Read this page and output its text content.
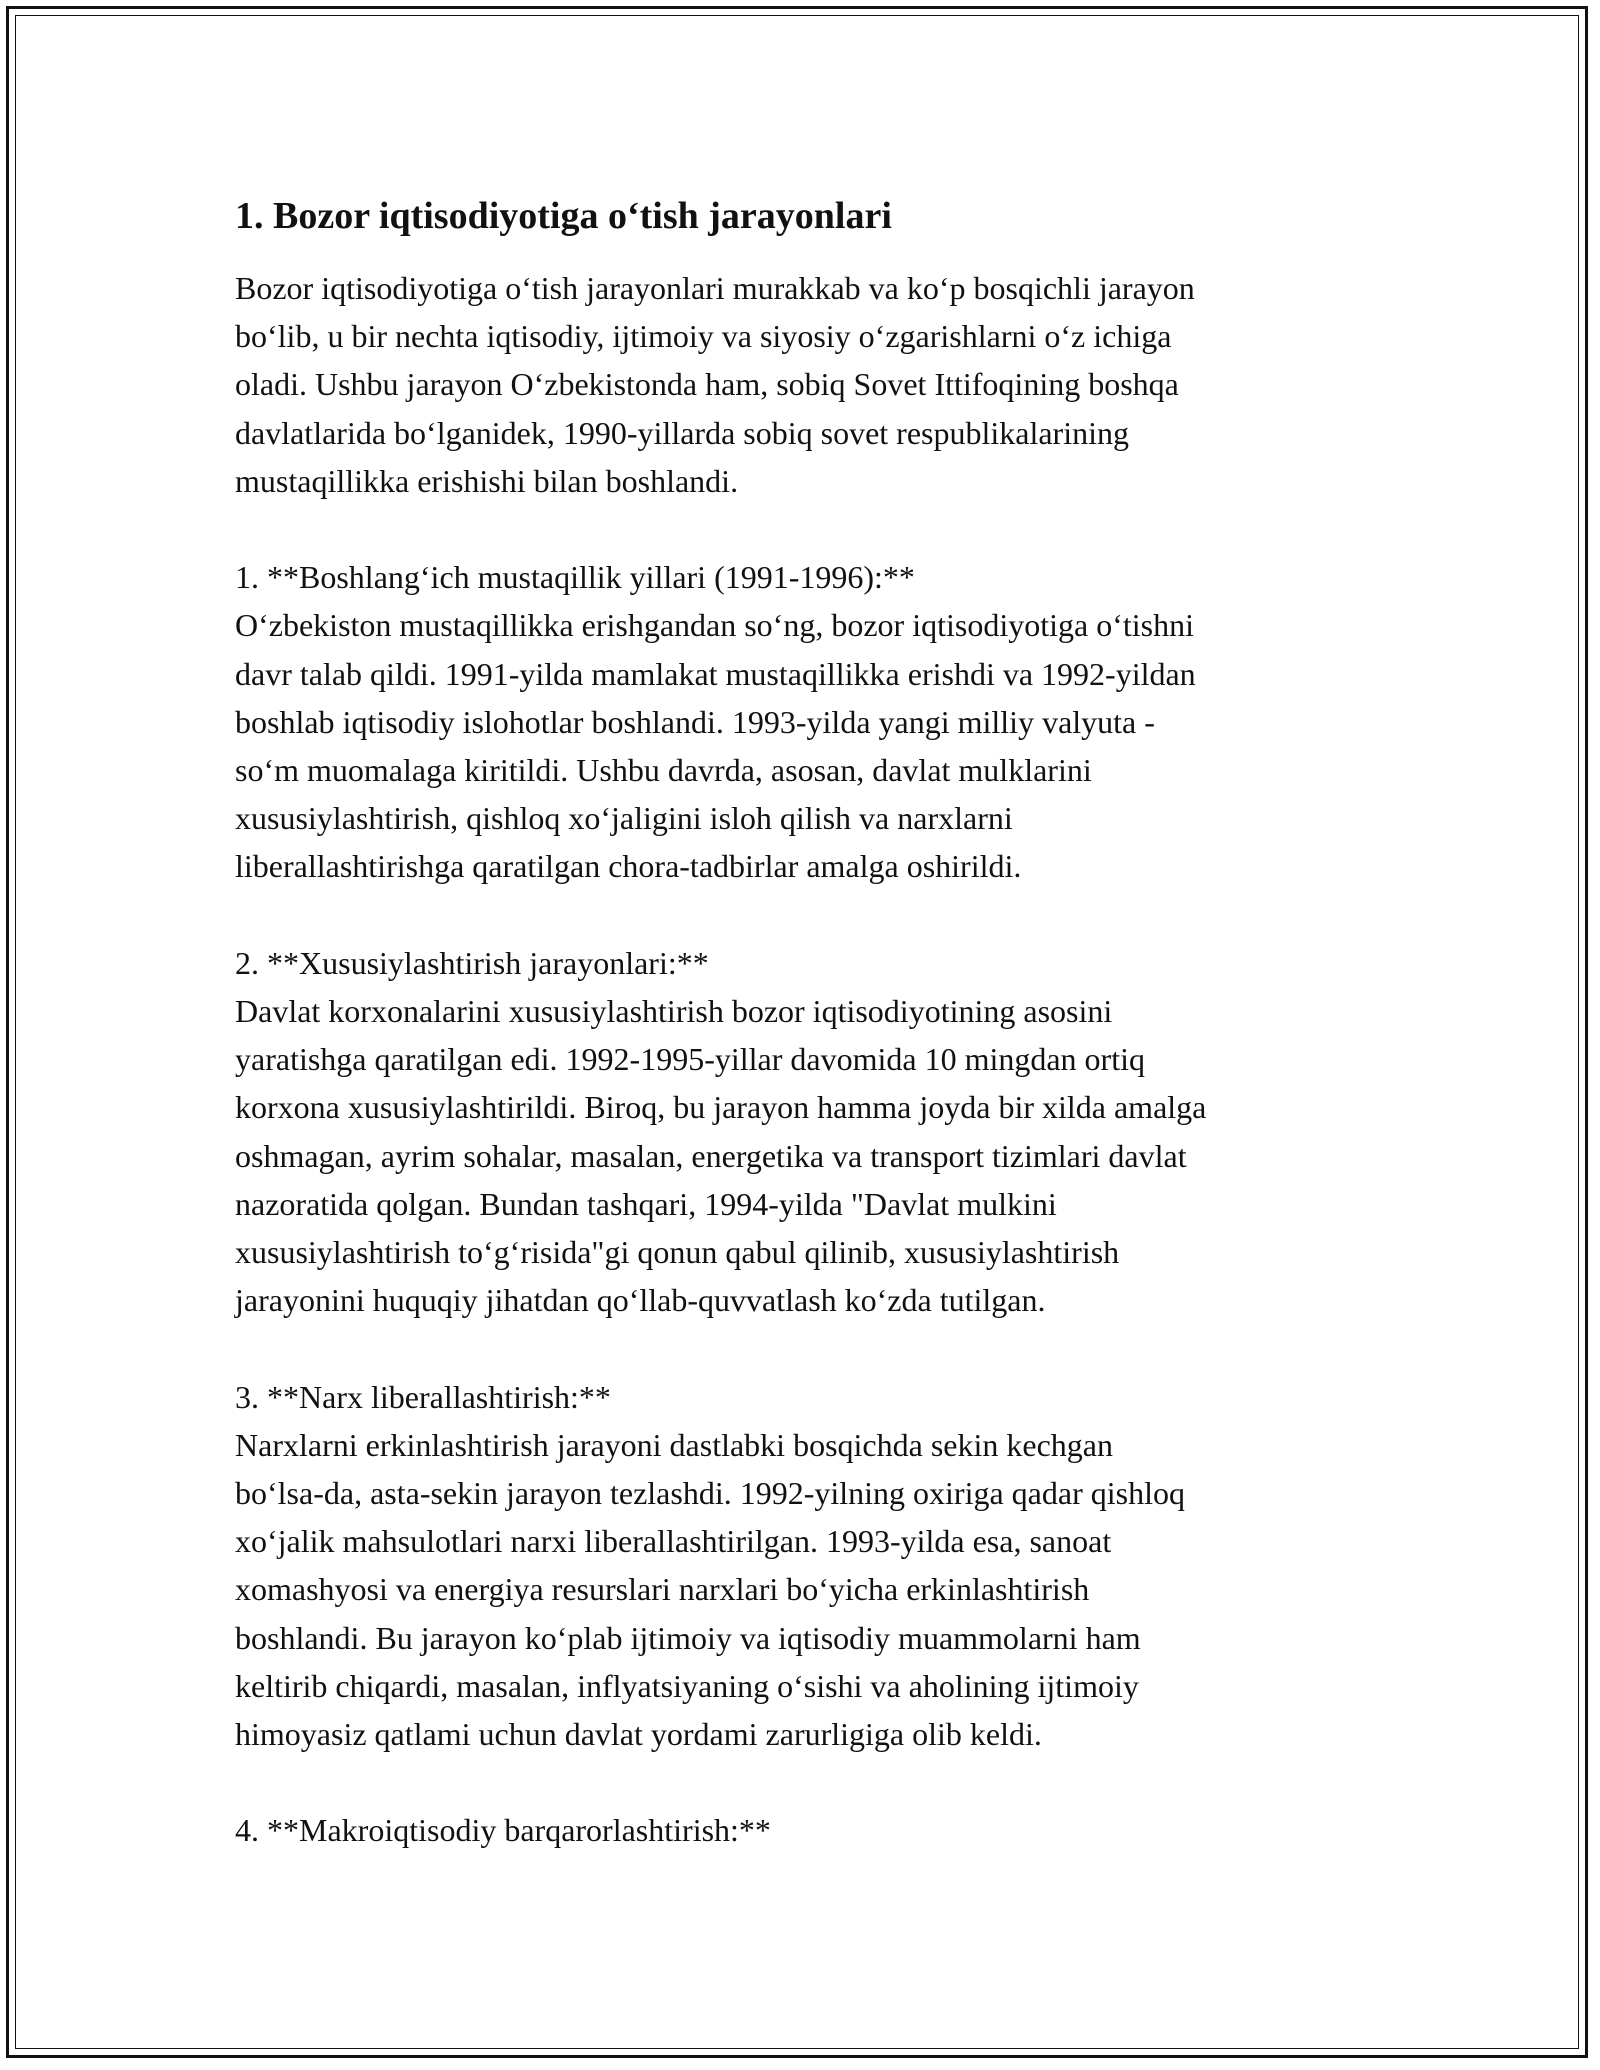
1. Bozor iqtisodiyotiga o‘tish jarayonlari

Bozor iqtisodiyotiga o‘tish jarayonlari murakkab va ko‘p bosqichli jarayon
bo‘lib, u bir nechta iqtisodiy, ijtimoiy va siyosiy o‘zgarishlarni o‘z ichiga
oladi. Ushbu jarayon O‘zbekistonda ham, sobiq Sovet Ittifoqining boshqa
davlatlarida bo‘lganidek, 1990-yillarda sobiq sovet respublikalarining
mustaqillikka erishishi bilan boshlandi.

1. **Boshlang‘ich mustaqillik yillari (1991-1996):**

O‘zbekiston mustaqillikka erishgandan so‘ng, bozor iqtisodiyotiga o‘tishni
davr talab qildi. 1991-yilda mamlakat mustaqillikka erishdi va 1992-yildan
boshlab iqtisodiy islohotlar boshlandi. 1993-yilda yangi milliy valyuta -
so‘m muomalaga kiritildi. Ushbu davrda, asosan, davlat mulklarini
xususiylashtirish, qishloq xo‘jaligini isloh qilish va narxlarni
liberallashtirishga qaratilgan chora-tadbirlar amalga oshirildi.

2. **Xususiylashtirish jarayonlari:**

Davlat korxonalarini xususiylashtirish bozor iqtisodiyotining asosini
yaratishga qaratilgan edi. 1992-1995-yillar davomida 10 mingdan ortiq
korxona xususiylashtirildi. Biroq, bu jarayon hamma joyda bir xilda amalga
oshmagan, ayrim sohalar, masalan, energetika va transport tizimlari davlat
nazoratida qolgan. Bundan tashqari, 1994-yilda "Davlat mulkini
xususiylashtirish to‘g‘risida"gi qonun qabul qilinib, xususiylashtirish
jarayonini huquqiy jihatdan qo‘llab-quvvatlash ko‘zda tutilgan.

3. **Narx liberallashtirish:**

Narxlarni erkinlashtirish jarayoni dastlabki bosqichda sekin kechgan
bo‘lsa-da, asta-sekin jarayon tezlashdi. 1992-yilning oxiriga qadar qishloq
xo‘jalik mahsulotlari narxi liberallashtirilgan. 1993-yilda esa, sanoat
xomashyosi va energiya resurslari narxlari bo‘yicha erkinlashtirish
boshlandi. Bu jarayon ko‘plab ijtimoiy va iqtisodiy muammolarni ham
keltirib chiqardi, masalan, inflyatsiyaning o‘sishi va aholining ijtimoiy
himoyasiz qatlami uchun davlat yordami zarurligiga olib keldi.

4. **Makroiqtisodiy barqarorlashtirish:**
